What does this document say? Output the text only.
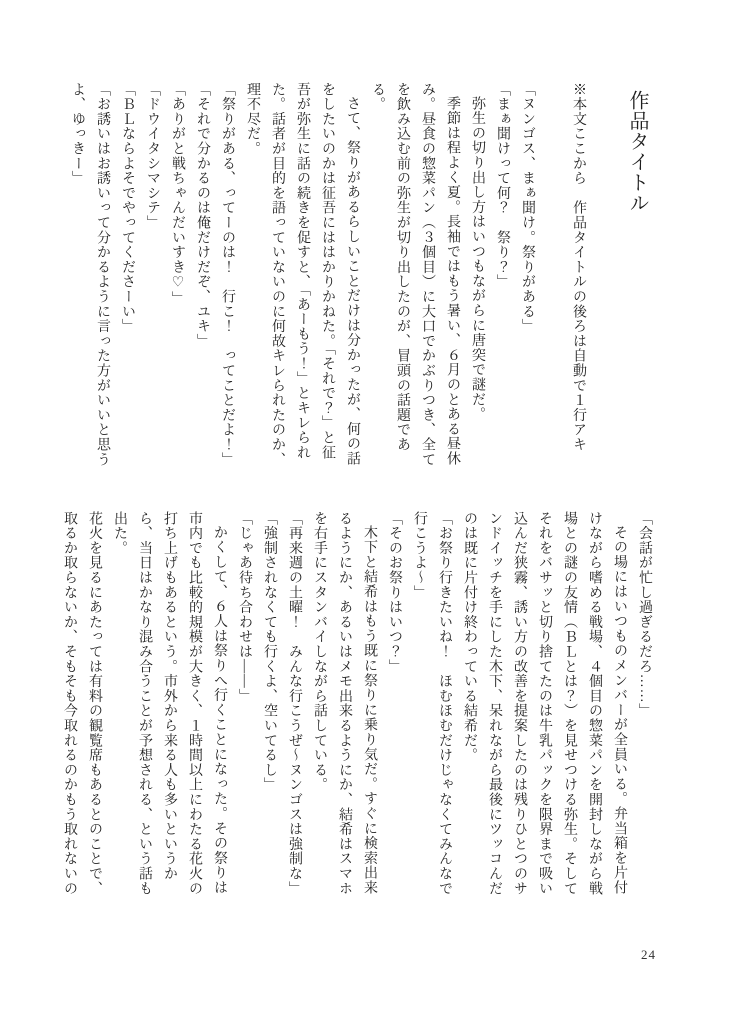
作品タイトル

※本文ここから　作品タイトルの後ろは自動で１行アキ

「ヌンゴス、まぁ聞け。祭りがある」

「まぁ聞けって何？　祭り？」

弥生の切り出し方はいつもながらに唐突で謎だ。

季節は程よく夏。長袖ではもう暑い、６月のとある昼休み。昼食の惣菜パン（３個目）に大口でかぶりつき、全てを飲み込む前の弥生が切り出したのが、冒頭の話題である。

さて、祭りがあるらしいことだけは分かったが、何の話をしたいのかは征吾にははかりかねた。「それで？」と征吾が弥生に話の続きを促すと、「あーもう！」とキレられた。話者が目的を語っていないのに何故キレられたのか、理不尽だ。

「祭りがある、ってーのは！　行こ！　ってことだよ！」

「それで分かるのは俺だけだぞ、ユキ」

「ありがと戦ちゃんだいすき♡」

「ドウイタシマシテ」

「ＢＬならよそでやってくださーい」

「お誘いはお誘いって分かるように言った方がいいと思うよ、ゆっきー」

「会話が忙し過ぎるだろ……」

その場にはいつものメンバーが全員いる。弁当箱を片付けながら嗜める戦場、４個目の惣菜パンを開封しながら戦場との謎の友情（ＢＬとは？）を見せつける弥生。そしてそれをバサッと切り捨てたのは牛乳パックを限界まで吸い込んだ狭霧、誘い方の改善を提案したのは残りひとつのサンドイッチを手にした木下、呆れながら最後にツッコんだのは既に片付け終わっている結希だ。

「お祭り行きたいね！　ほむほむだけじゃなくてみんなで行こうよ〜」

「そのお祭りはいつ？」

木下と結希はもう既に祭りに乗り気だ。すぐに検索出来るようにか、あるいはメモ出来るようにか、結希はスマホを右手にスタンバイしながら話している。

「再来週の土曜！　みんな行こうぜ〜ヌンゴスは強制な」

「強制されなくても行くよ、空いてるし」

「じゃあ待ち合わせは――」

かくして、６人は祭りへ行くことになった。その祭りは市内でも比較的規模が大きく、１時間以上にわたる花火の打ち上げもあるという。市外から来る人も多いというから、当日はかなり混み合うことが予想される、という話も出た。

花火を見るにあたっては有料の観覧席もあるとのことで、取るか取らないか、そもそも今取れるのかもう取れないの

24
